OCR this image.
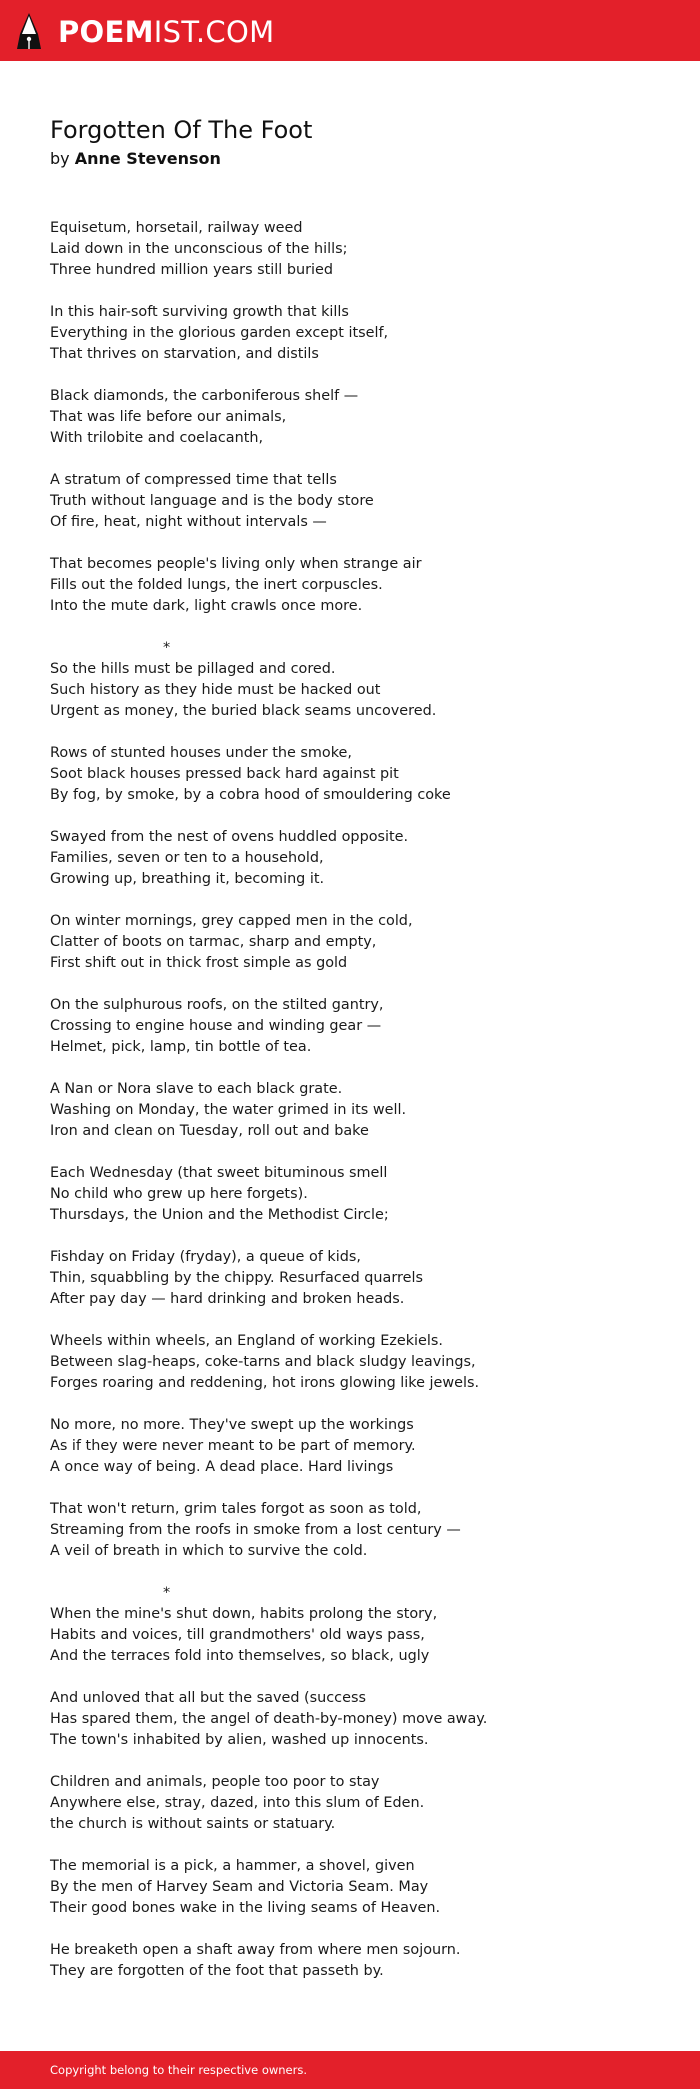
POEMIST.COM
Forgotten Of The Foot
by Anne Stevenson

Equisetum, horsetail, railway weed
Laid down in the unconscious of the hills;
Three hundred million years still buried

In this hair-soft surviving growth that kills
Everything in the glorious garden except itself,
That thrives on starvation, and distils

Black diamonds, the carboniferous shelf —
That was life before our animals,
With trilobite and coelacanth,

A stratum of compressed time that tells
Truth without language and is the body store
Of fire, heat, night without intervals —

That becomes people's living only when strange air
Fills out the folded lungs, the inert corpuscles.
Into the mute dark, light crawls once more.

*

So the hills must be pillaged and cored.
Such history as they hide must be hacked out
Urgent as money, the buried black seams uncovered.

Rows of stunted houses under the smoke,
Soot black houses pressed back hard against pit
By fog, by smoke, by a cobra hood of smouldering coke

Swayed from the nest of ovens huddled opposite.
Families, seven or ten to a household,
Growing up, breathing it, becoming it.

On winter mornings, grey capped men in the cold,
Clatter of boots on tarmac, sharp and empty,
First shift out in thick frost simple as gold

On the sulphurous roofs, on the stilted gantry,
Crossing to engine house and winding gear —
Helmet, pick, lamp, tin bottle of tea.

A Nan or Nora slave to each black grate.
Washing on Monday, the water grimed in its well.
Iron and clean on Tuesday, roll out and bake

Each Wednesday (that sweet bituminous smell
No child who grew up here forgets).
Thursdays, the Union and the Methodist Circle;

Fishday on Friday (fryday), a queue of kids,
Thin, squabbling by the chippy. Resurfaced quarrels
After pay day — hard drinking and broken heads.

Wheels within wheels, an England of working Ezekiels.
Between slag-heaps, coke-tarns and black sludgy leavings,
Forges roaring and reddening, hot irons glowing like jewels.

No more, no more. They've swept up the workings
As if they were never meant to be part of memory.
A once way of being. A dead place. Hard livings

That won't return, grim tales forgot as soon as told,
Streaming from the roofs in smoke from a lost century —
A veil of breath in which to survive the cold.

*

When the mine's shut down, habits prolong the story,
Habits and voices, till grandmothers' old ways pass,
And the terraces fold into themselves, so black, ugly

And unloved that all but the saved (success
Has spared them, the angel of death-by-money) move away.
The town's inhabited by alien, washed up innocents.

Children and animals, people too poor to stay
Anywhere else, stray, dazed, into this slum of Eden.
the church is without saints or statuary.

The memorial is a pick, a hammer, a shovel, given
By the men of Harvey Seam and Victoria Seam. May
Their good bones wake in the living seams of Heaven.

He breaketh open a shaft away from where men sojourn.
They are forgotten of the foot that passeth by.

Copyright belong to their respective owners.
